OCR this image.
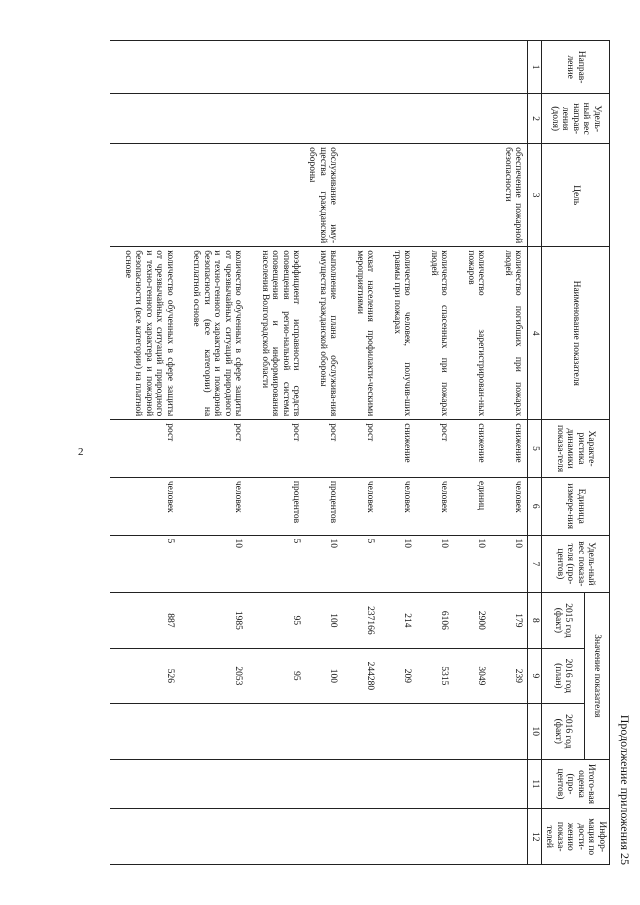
2
Продолжение приложения 25
Направ-ление	Удель-ный вес направ-ления (доля)	Цель	Наименование показателя	Характе-ристика динамики показа-теля	Единица измере-ния	Удель-ный вес показа-теля (про-центов)	Значение показателя			Итого-вая оценка (про-центов)	Инфор-мация по дости-жению показа-телей
							2015 год (факт)	2016 год (план)	2016 год (факт)		
1	2	3	4	5	6	7	8	9	10	11	12
		обеспечение пожарной безопасности	количество погибших при пожарах людей	снижение	человек	10	179	239			
			количество зарегистрирован-ных пожаров	снижение	единиц	10	2900	3049			
			количество спасенных при пожарах людей	рост	человек	10	6106	5315			
			количество человек, получив-ших травмы при пожарах	снижение	человек	10	214	209			
			охват населения профилакти-ческими мероприятиями	рост	человек	5	237166	244280			
		обслуживание иму-щества гражданской обороны	выполнение плана обслужива-ния имущества гражданской обороны	рост	процентов	10	100	100			
			коэффициент исправности средств оповещения регио-нальной системы оповещения и информирования населения Волгоградской области	рост	процентов	5	95	95			
			количество обученных в сфере защиты от чрезвычайных ситуаций природного и техно-генного характера и пожарной безопасности (все категории) на бесплатной основе	рост	человек	10	1985	2053			
			количество обученных в сфере защиты от чрезвычайных ситуаций природного и техно-генного характера и пожарной безопасности (все категории) на платной основе	рост	человек	5	887	526			
